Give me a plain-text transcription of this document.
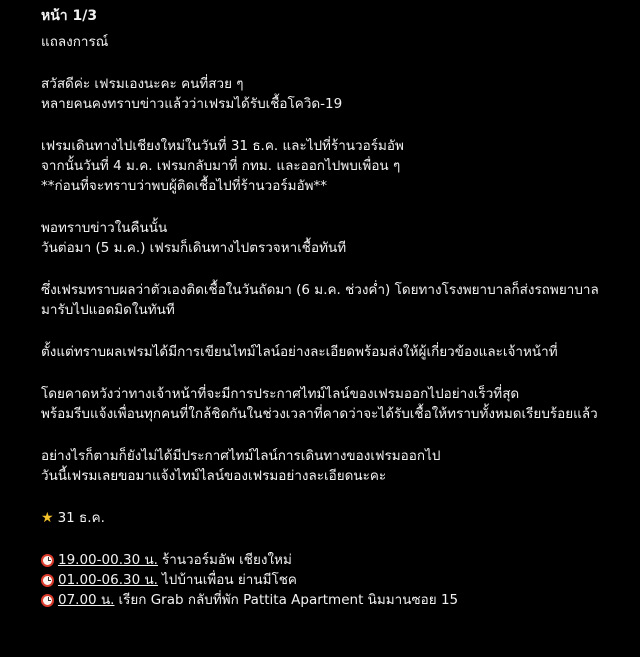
หน้า 1/3
แถลงการณ์
สวัสดีค่ะ เฟรมเองนะคะ คนที่สวย ๆ
หลายคนคงทราบข่าวแล้วว่าเฟรมได้รับเชื้อโควิด-19
เฟรมเดินทางไปเชียงใหม่ในวันที่ 31 ธ.ค. และไปที่ร้านวอร์มอัพ
จากนั้นวันที่ 4 ม.ค. เฟรมกลับมาที่ กทม. และออกไปพบเพื่อน ๆ
**ก่อนที่จะทราบว่าพบผู้ติดเชื้อไปที่ร้านวอร์มอัพ**
พอทราบข่าวในคืนนั้น
วันต่อมา (5 ม.ค.) เฟรมก็เดินทางไปตรวจหาเชื้อทันที
ซึ่งเฟรมทราบผลว่าตัวเองติดเชื้อในวันถัดมา (6 ม.ค. ช่วงค่ำ) โดยทางโรงพยาบาลก็ส่งรถพยาบาลมารับไปแอดมิดในทันที
ตั้งแต่ทราบผลเฟรมได้มีการเขียนไทม์ไลน์อย่างละเอียดพร้อมส่งให้ผู้เกี่ยวข้องและเจ้าหน้าที่
โดยคาดหวังว่าทางเจ้าหน้าที่จะมีการประกาศไทม์ไลน์ของเฟรมออกไปอย่างเร็วที่สุด
พร้อมรีบแจ้งเพื่อนทุกคนที่ใกล้ชิดกันในช่วงเวลาที่คาดว่าจะได้รับเชื้อให้ทราบทั้งหมดเรียบร้อยแล้ว
อย่างไรก็ตามก็ยังไม่ได้มีประกาศไทม์ไลน์การเดินทางของเฟรมออกไป
วันนี้เฟรมเลยขอมาแจ้งไทม์ไลน์ของเฟรมอย่างละเอียดนะคะ
★ 31 ธ.ค.
19.00-00.30 น. ร้านวอร์มอัพ เชียงใหม่
01.00-06.30 น. ไปบ้านเพื่อน ย่านมีโชค
07.00 น. เรียก Grab กลับที่พัก Pattita Apartment นิมมานซอย 15
